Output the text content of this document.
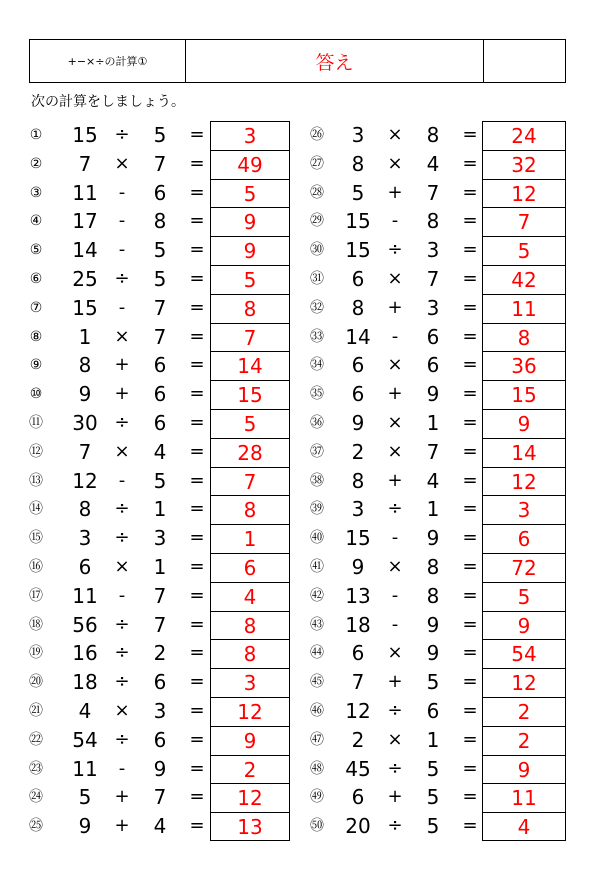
+−×÷の計算①	答え
次の計算をしましょう。
①	15 ÷	5	=	3
②	7	×	7	=	49
③	11	-	6	=	5
④	17	-	8	=	9
⑤	14	-	5	=	9
⑥	25 ÷	5	=	5
⑦	15	-	7	=	8
⑧	1	×	7	=	7
⑨	8	+	6	=	14
⑩	9	+	6	=	15
⑪	30 ÷	6	=	5
⑫	7	×	4	=	28
⑬	12	-	5	=	7
⑭	8	÷	1	=	8
⑮	3	÷	3	=	1
⑯	6	×	1	=	6
⑰	11	-	7	=	4
⑱	56 ÷	7	=	8
⑲	16 ÷	2	=	8
⑳	18 ÷	6	=	3
㉑	4	×	3	=	12
㉒	54 ÷	6	=	9
㉓	11	-	9	=	2
㉔	5	+	7	=	12
㉕	9	+	4	=	13
㉖	3	×	8	=	24
㉗	8	×	4	=	32
㉘	5	+	7	=	12
㉙	15	-	8	=	7
㉚	15 ÷	3	=	5
㉛	6	×	7	=	42
㉜	8	+	3	=	11
㉝	14	-	6	=	8
㉞	6	×	6	=	36
㉟	6	+	9	=	15
㊱	9	×	1	=	9
㊲	2	×	7	=	14
㊳	8	+	4	=	12
㊴	3	÷	1	=	3
㊵	15	-	9	=	6
㊶	9	×	8	=	72
㊷	13	-	8	=	5
㊸	18	-	9	=	9
㊹	6	×	9	=	54
㊺	7	+	5	=	12
㊻	12 ÷	6	=	2
㊼	2	×	1	=	2
㊽	45 ÷	5	=	9
㊾	6	+	5	=	11
㊿	20 ÷	5	=	4
